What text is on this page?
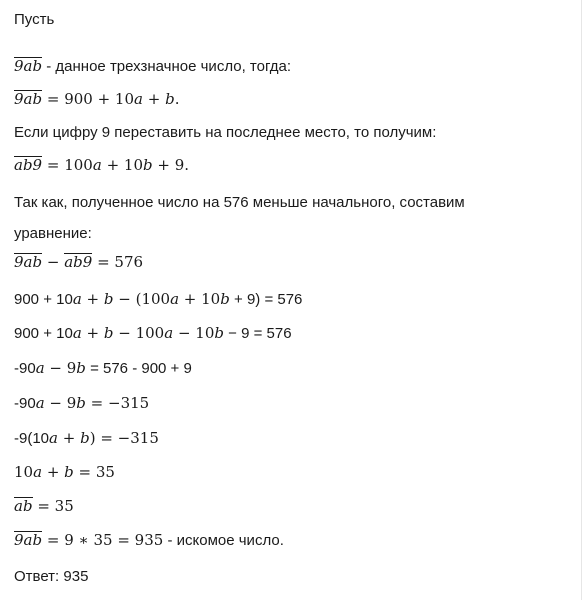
Пусть
9ab - данное трехзначное число, тогда:
9ab = 900 + 10a + b.
Если цифру 9 переставить на последнее место, то получим:
ab9 = 100a + 10b + 9.
Так как, полученное число на 576 меньше начального, составим
уравнение:
9ab − ab9 = 576
900 + 10a + b − (100a + 10b + 9) = 576
900 + 10a + b − 100a − 10b − 9 = 576
-90a − 9b = 576 - 900 + 9
-90a − 9b = −315
-9(10a + b) = −315
10a + b = 35
ab = 35
9ab = 9 ∗ 35 = 935 - искомое число.
Ответ: 935
